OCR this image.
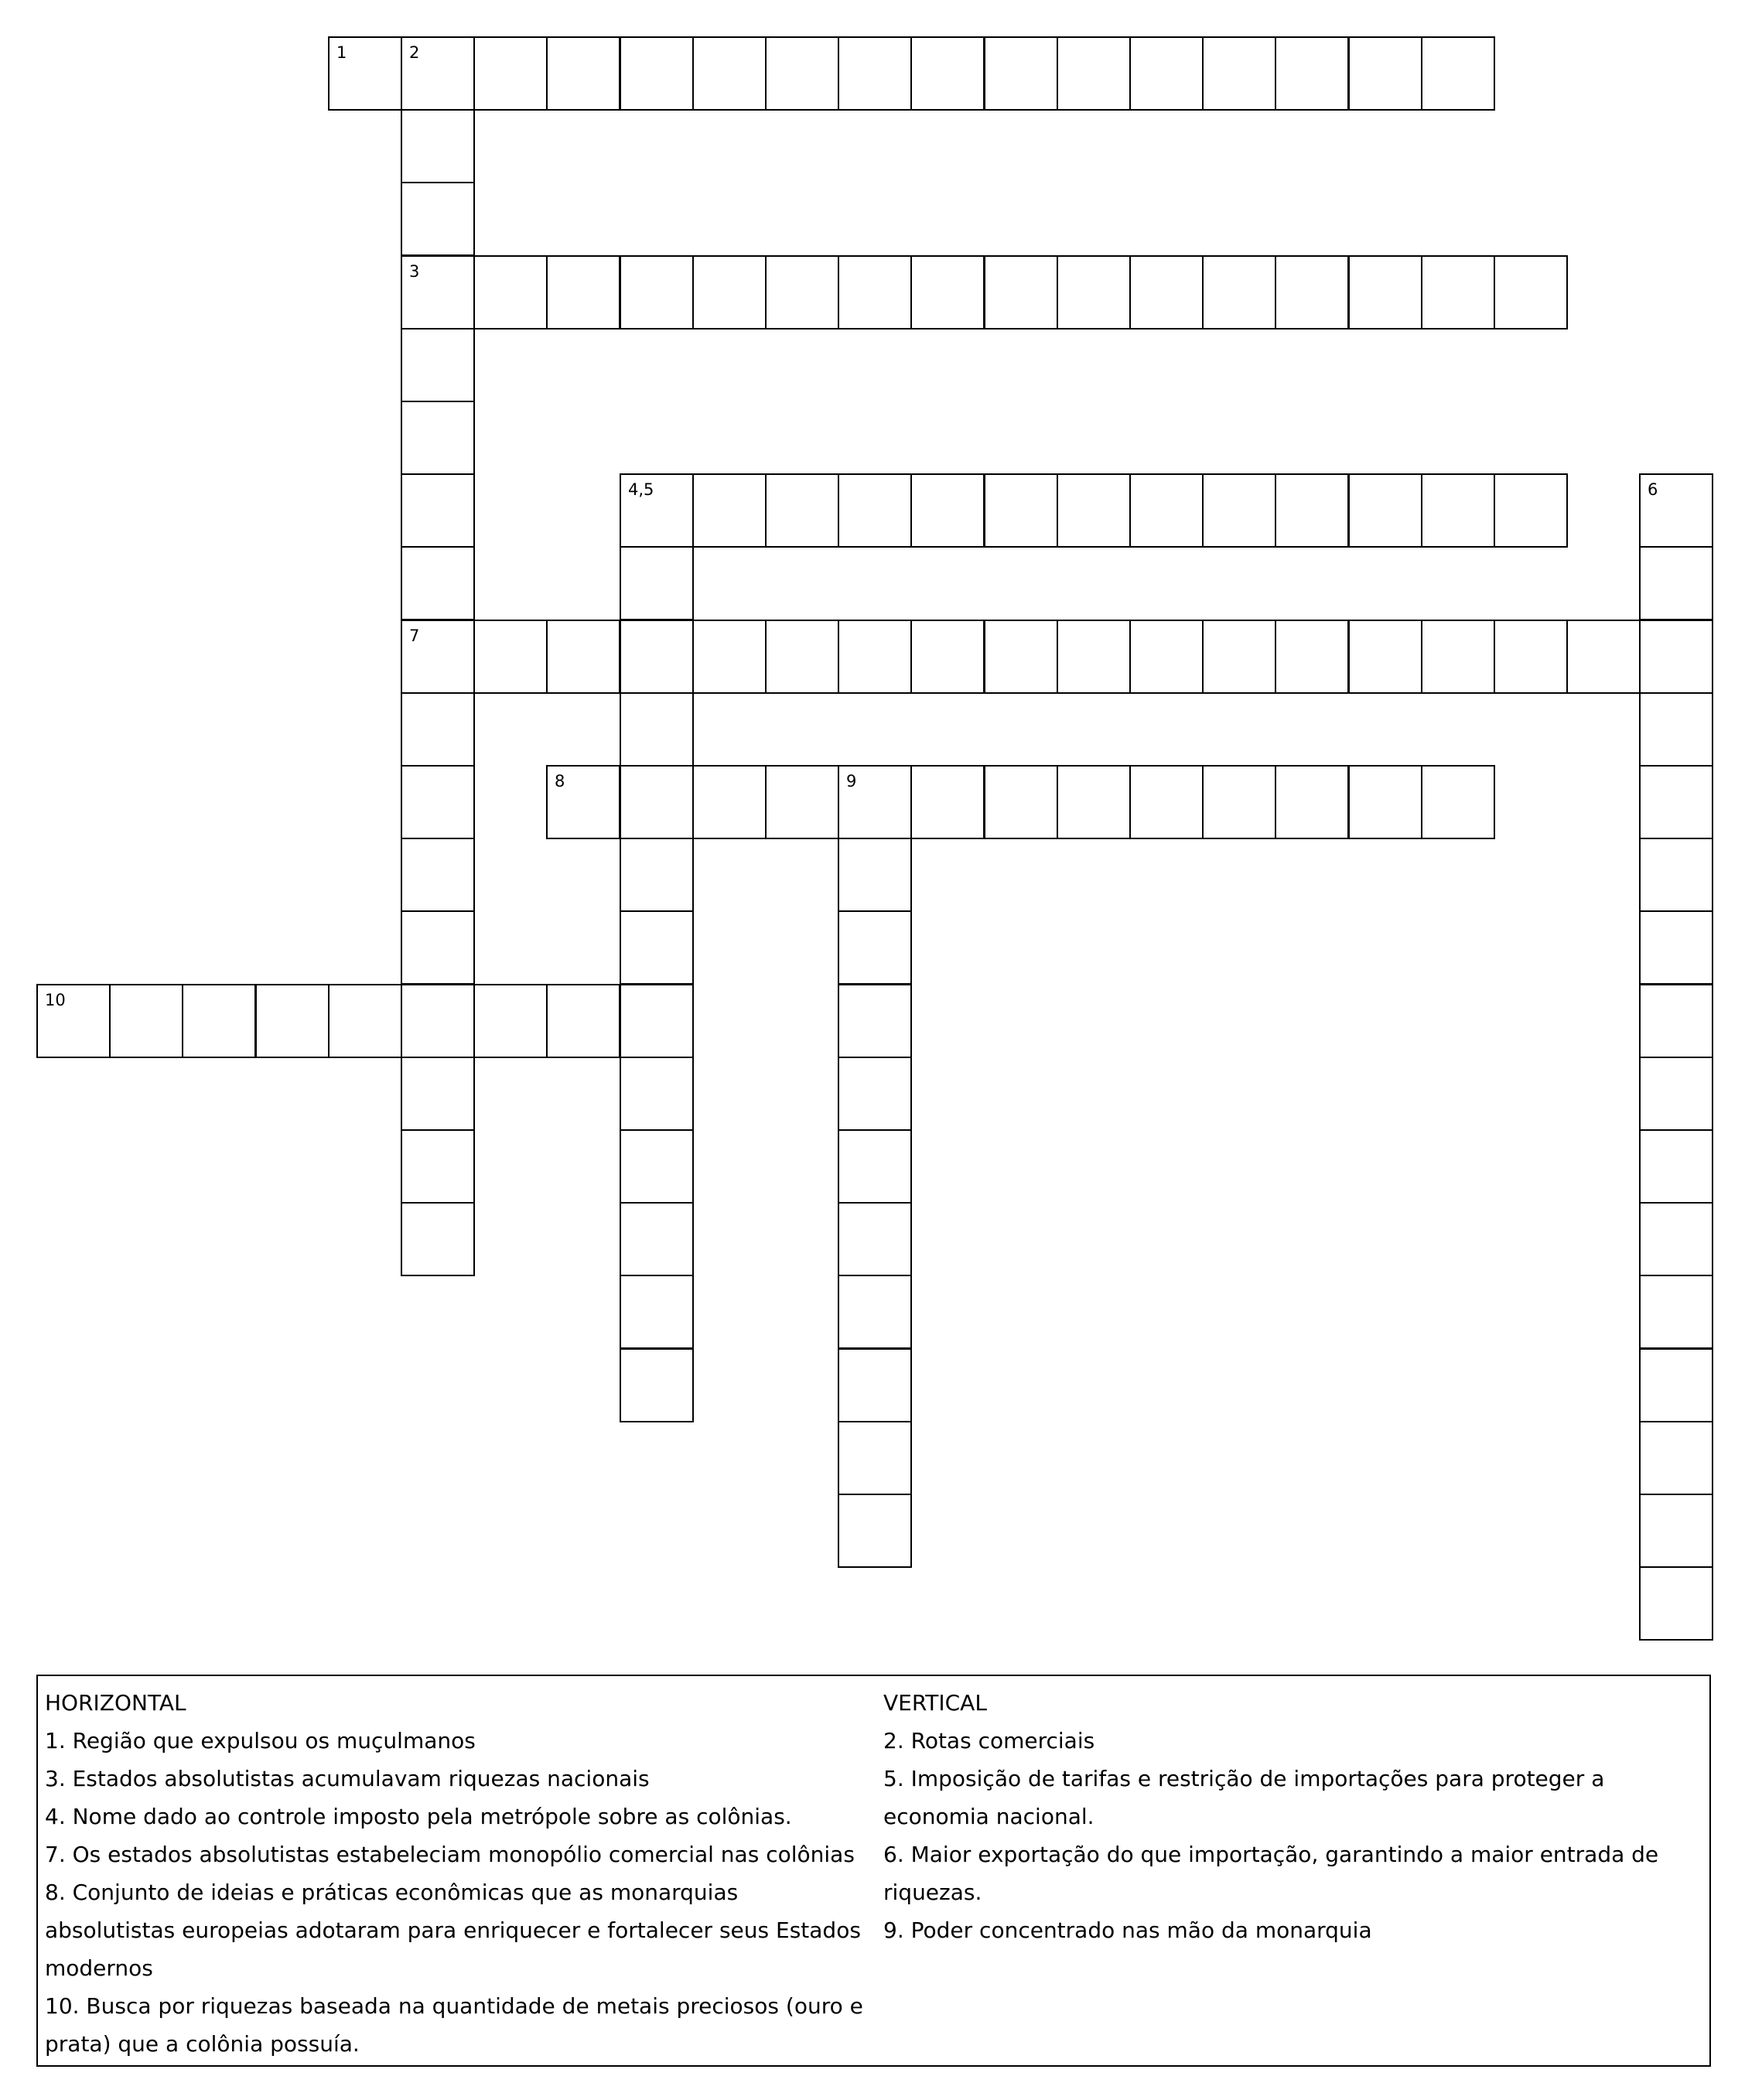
1	2
3
4,5	6
7
8	9
10
HORIZONTAL
1. Região que expulsou os muçulmanos
3. Estados absolutistas acumulavam riquezas nacionais
4. Nome dado ao controle imposto pela metrópole sobre as colônias.
7. Os estados absolutistas estabeleciam monopólio comercial nas colônias
8. Conjunto de ideias e práticas econômicas que as monarquias absolutistas europeias adotaram para enriquecer e fortalecer seus Estados modernos
10. Busca por riquezas baseada na quantidade de metais preciosos (ouro e prata) que a colônia possuía.
VERTICAL
2. Rotas comerciais
5. Imposição de tarifas e restrição de importações para proteger a economia nacional.
6. Maior exportação do que importação, garantindo a maior entrada de riquezas.
9. Poder concentrado nas mão da monarquia
